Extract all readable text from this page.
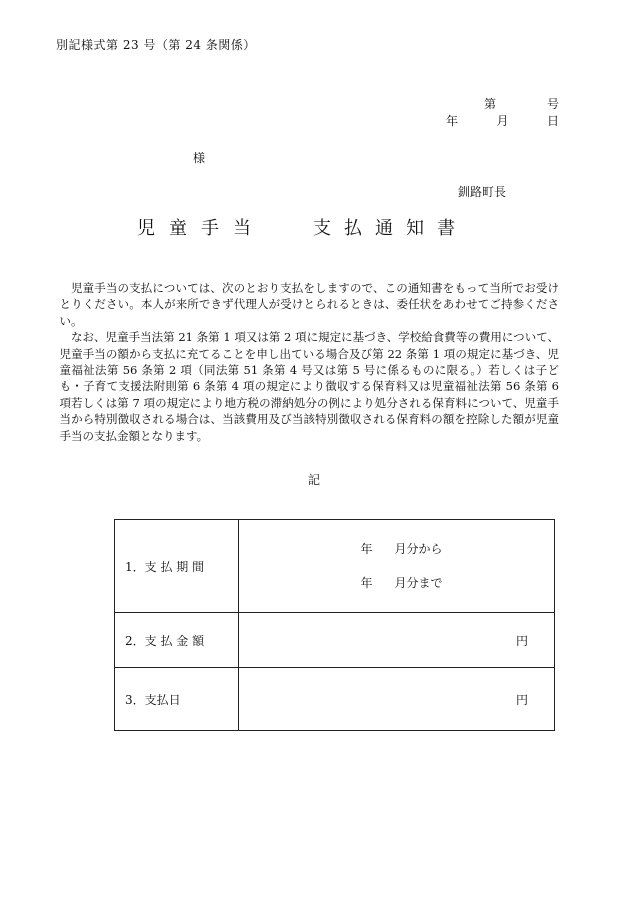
別記様式第 23 号（第 24 条関係）
第	号
年	月	日
様
釧路町長
児童手当	支払通知書

児童手当の支払については、次のとおり支払をしますので、この通知書をもって当所でお受けとりください。本人が来所できず代理人が受けとられるときは、委任状をあわせてご持参ください。

なお、児童手当法第 21 条第 1 項又は第 2 項に規定に基づき、学校給食費等の費用について、児童手当の額から支払に充てることを申し出ている場合及び第 22 条第 1 項の規定に基づき、児童福祉法第 56 条第 2 項（同法第 51 条第 4 号又は第 5 号に係るものに限る。）若しくは子ども・子育て支援法附則第 6 条第 4 項の規定により徴収する保育料又は児童福祉法第 56 条第 6 項若しくは第 7 項の規定により地方税の滞納処分の例により処分される保育料について、児童手当から特別徴収される場合は、当該費用及び当該特別徴収される保育料の額を控除した額が児童手当の支払金額となります。

記
1．支 払 期 間	年 月分から
年 月分まで

2．支 払 金 額	円
3．支払日	円
